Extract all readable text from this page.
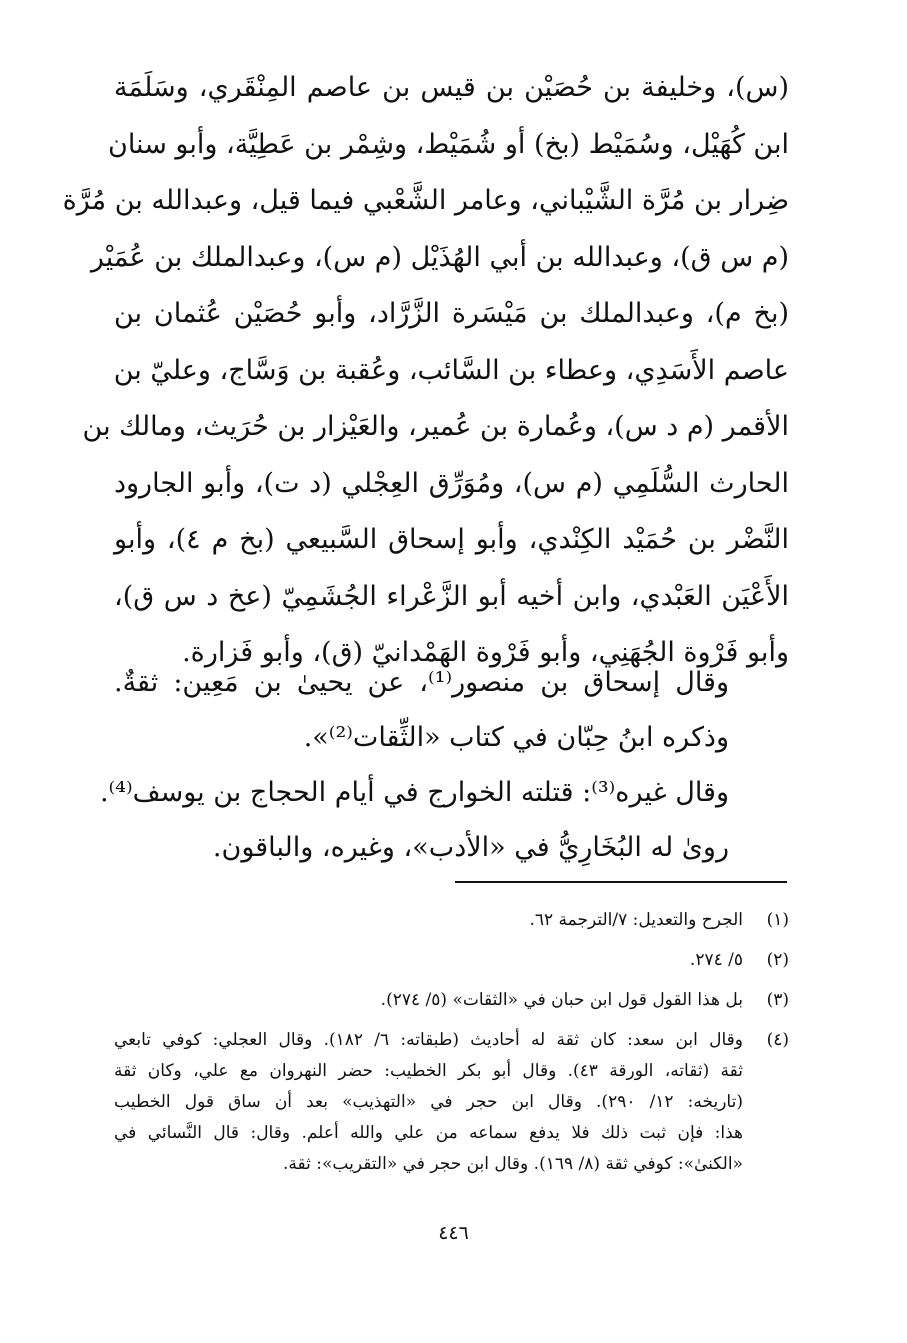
(س)، وخليفة بن حُصَيْن بن قيس بن عاصم المِنْقَري، وسَلَمَة
ابن كُهَيْل، وسُمَيْط (بخ) أو شُمَيْط، وشِمْر بن عَطِيَّة، وأبو سنان
ضِرار بن مُرَّة الشَّيْباني، وعامر الشَّعْبي فيما قيل، وعبدالله بن مُرَّة
(م س ق)، وعبدالله بن أبي الهُذَيْل (م س)، وعبدالملك بن عُمَيْر
(بخ م)، وعبدالملك بن مَيْسَرة الزَّرَّاد، وأبو حُصَيْن عُثمان بن
عاصم الأَسَدِي، وعطاء بن السَّائب، وعُقبة بن وَسَّاج، وعليّ بن
الأقمر (م د س)، وعُمارة بن عُمير، والعَيْزار بن حُرَيث، ومالك بن
الحارث السُّلَمِي (م س)، ومُوَرِّق العِجْلي (د ت)، وأبو الجارود
النَّضْر بن حُمَيْد الكِنْدي، وأبو إسحاق السَّبيعي (بخ م ٤)، وأبو
الأَعْيَن العَبْدي، وابن أخيه أبو الزَّعْراء الجُشَمِيّ (عخ د س ق)،
وأبو فَرْوة الجُهَنِي، وأبو فَرْوة الهَمْدانيّ (ق)، وأبو فَزارة.
وقال إسحاق بن منصور⁽¹⁾، عن يحيىٰ بن مَعِين: ثقةٌ.
وذكره ابنُ حِبّان في كتاب «الثِّقات⁽²⁾».
وقال غيره⁽³⁾: قتلته الخوارج في أيام الحجاج بن يوسف⁽⁴⁾.
روىٰ له البُخَارِيُّ في «الأدب»، وغيره، والباقون.
(١)
الجرح والتعديل: ٧/الترجمة ٦٢.
(٢)
٥/ ٢٧٤.
(٣)
بل هذا القول قول ابن حبان في «الثقات» (٥/ ٢٧٤).
(٤)
وقال ابن سعد: كان ثقة له أحاديث (طبقاته: ٦/ ١٨٢). وقال العجلي: كوفي تابعي
ثقة (ثقاته، الورقة ٤٣). وقال أبو بكر الخطيب: حضر النهروان مع علي، وكان ثقة
(تاريخه: ١٢/ ٢٩٠). وقال ابن حجر في «التهذيب» بعد أن ساق قول الخطيب
هذا: فإن ثبت ذلك فلا يدفع سماعه من علي والله أعلم. وقال: قال النَّسائي في
«الكنىٰ»: كوفي ثقة (٨/ ١٦٩). وقال ابن حجر في «التقريب»: ثقة.
٤٤٦
